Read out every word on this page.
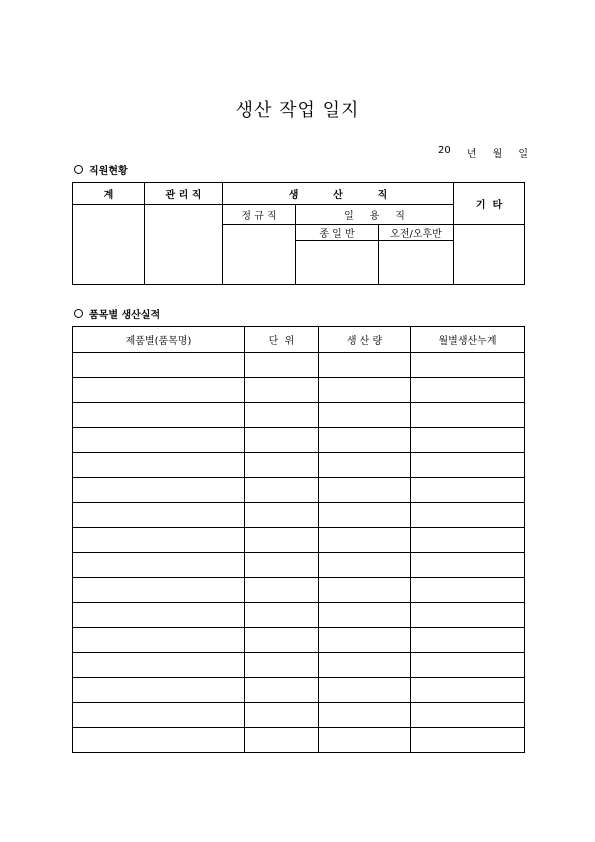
생산 작업 일지
20 년 월 일
직원현황
계	관 리 직	생          산          직			기  타
		정 규 직	일     용     직		
			종 일 반	오전/오후반	

품목별 생산실적
제품별(품목명)	단  위	생 산 량	월별생산누계
